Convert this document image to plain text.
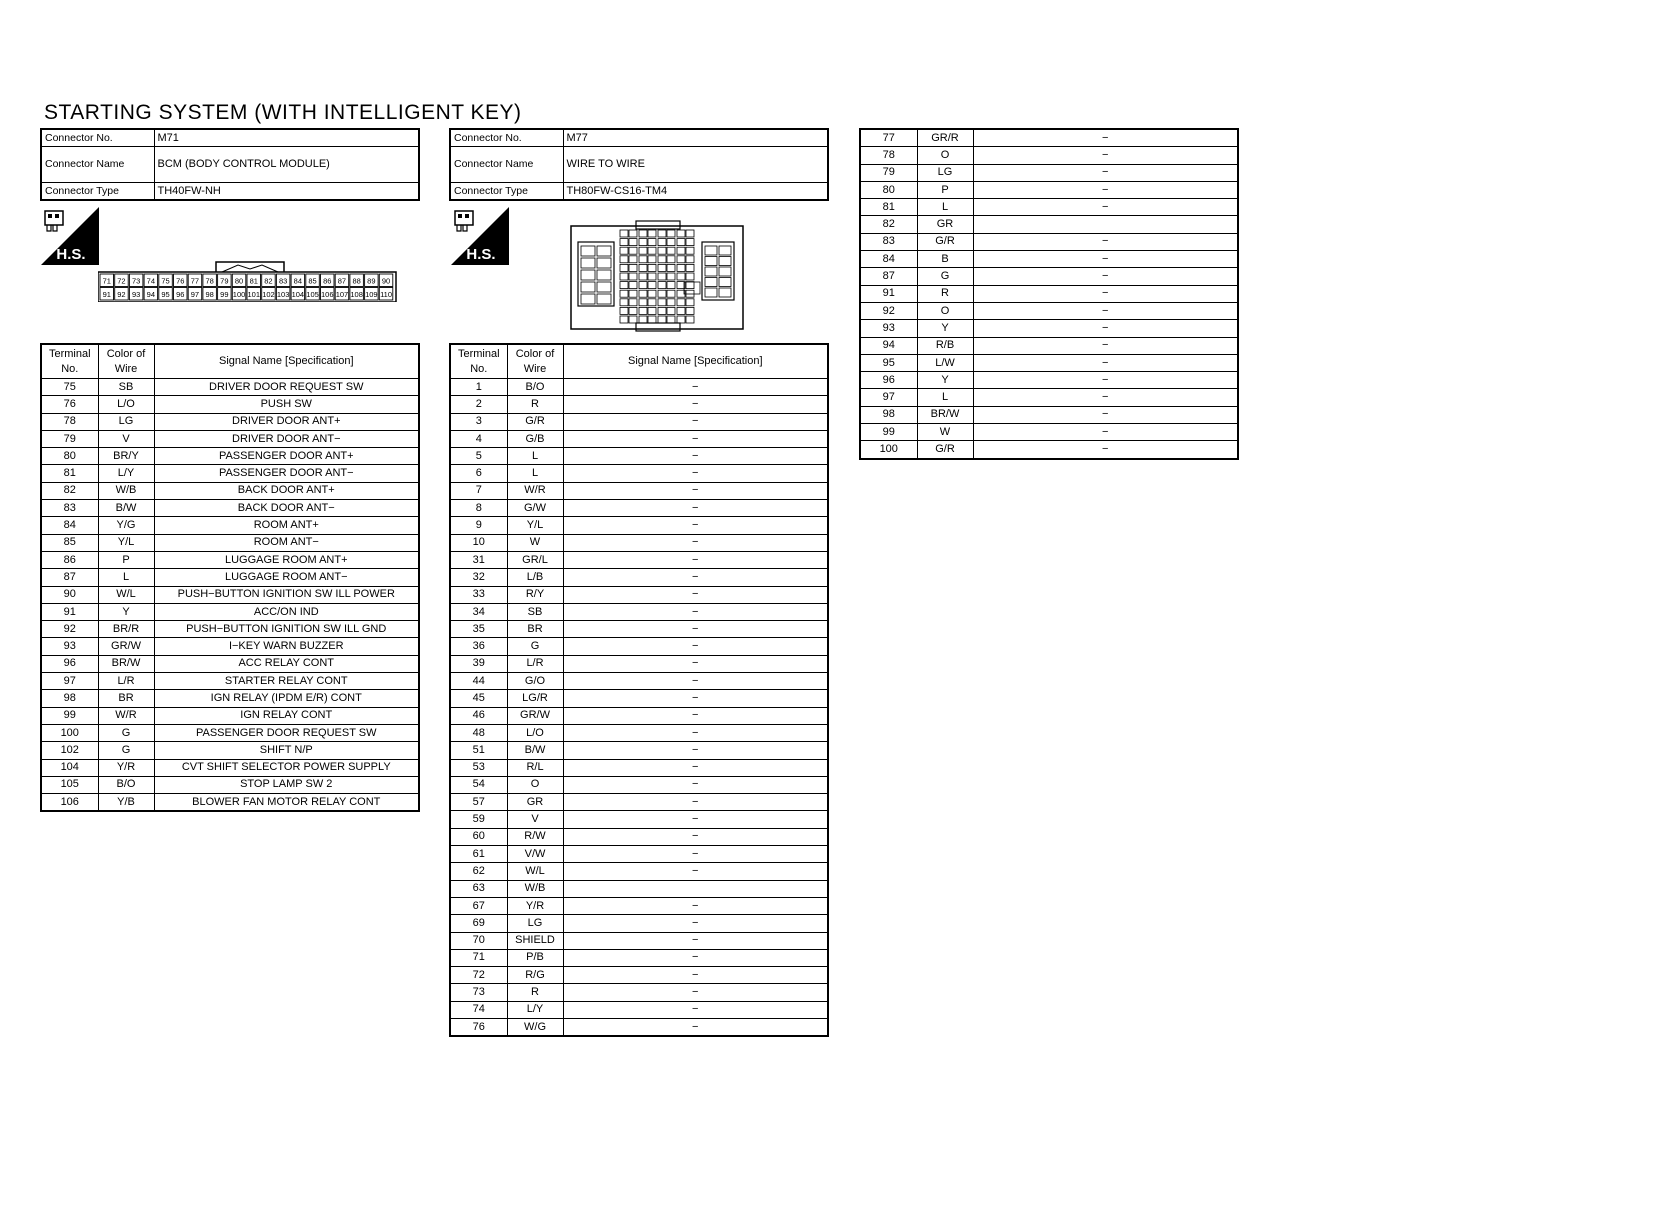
STARTING SYSTEM (WITH INTELLIGENT KEY)
Connector No.	M71
Connector Name	BCM (BODY CONTROL MODULE)
Connector Type	TH40FW-NH
H.S.
71 72 73 74 75 76 77 78 79 80 81 82 83 84 85 86 87 88 89 90
91 92 93 94 95 96 97 98 99 100 101 102 103 104 105 106 107 108 109 110
Terminal No.	Color of Wire	Signal Name [Specification]
75	SB	DRIVER DOOR REQUEST SW
76	L/O	PUSH SW
78	LG	DRIVER DOOR ANT+
79	V	DRIVER DOOR ANT−
80	BR/Y	PASSENGER DOOR ANT+
81	L/Y	PASSENGER DOOR ANT−
82	W/B	BACK DOOR ANT+
83	B/W	BACK DOOR ANT−
84	Y/G	ROOM ANT+
85	Y/L	ROOM ANT−
86	P	LUGGAGE ROOM ANT+
87	L	LUGGAGE ROOM ANT−
90	W/L	PUSH−BUTTON IGNITION SW ILL POWER
91	Y	ACC/ON IND
92	BR/R	PUSH−BUTTON IGNITION SW ILL GND
93	GR/W	I−KEY WARN BUZZER
96	BR/W	ACC RELAY CONT
97	L/R	STARTER RELAY CONT
98	BR	IGN RELAY (IPDM E/R) CONT
99	W/R	IGN RELAY CONT
100	G	PASSENGER DOOR REQUEST SW
102	G	SHIFT N/P
104	Y/R	CVT SHIFT SELECTOR POWER SUPPLY
105	B/O	STOP LAMP SW 2
106	Y/B	BLOWER FAN MOTOR RELAY CONT
Connector No.	M77
Connector Name	WIRE TO WIRE
Connector Type	TH80FW-CS16-TM4
H.S.
Terminal No.	Color of Wire	Signal Name [Specification]
1	B/O	−
2	R	−
3	G/R	−
4	G/B	−
5	L	−
6	L	−
7	W/R	−
8	G/W	−
9	Y/L	−
10	W	−
31	GR/L	−
32	L/B	−
33	R/Y	−
34	SB	−
35	BR	−
36	G	−
39	L/R	−
44	G/O	−
45	LG/R	−
46	GR/W	−
48	L/O	−
51	B/W	−
53	R/L	−
54	O	−
57	GR	−
59	V	−
60	R/W	−
61	V/W	−
62	W/L	−
63	W/B	
67	Y/R	−
69	LG	−
70	SHIELD	−
71	P/B	−
72	R/G	−
73	R	−
74	L/Y	−
76	W/G	−
77	GR/R	−
78	O	−
79	LG	−
80	P	−
81	L	−
82	GR	
83	G/R	−
84	B	−
87	G	−
91	R	−
92	O	−
93	Y	−
94	R/B	−
95	L/W	−
96	Y	−
97	L	−
98	BR/W	−
99	W	−
100	G/R	−
